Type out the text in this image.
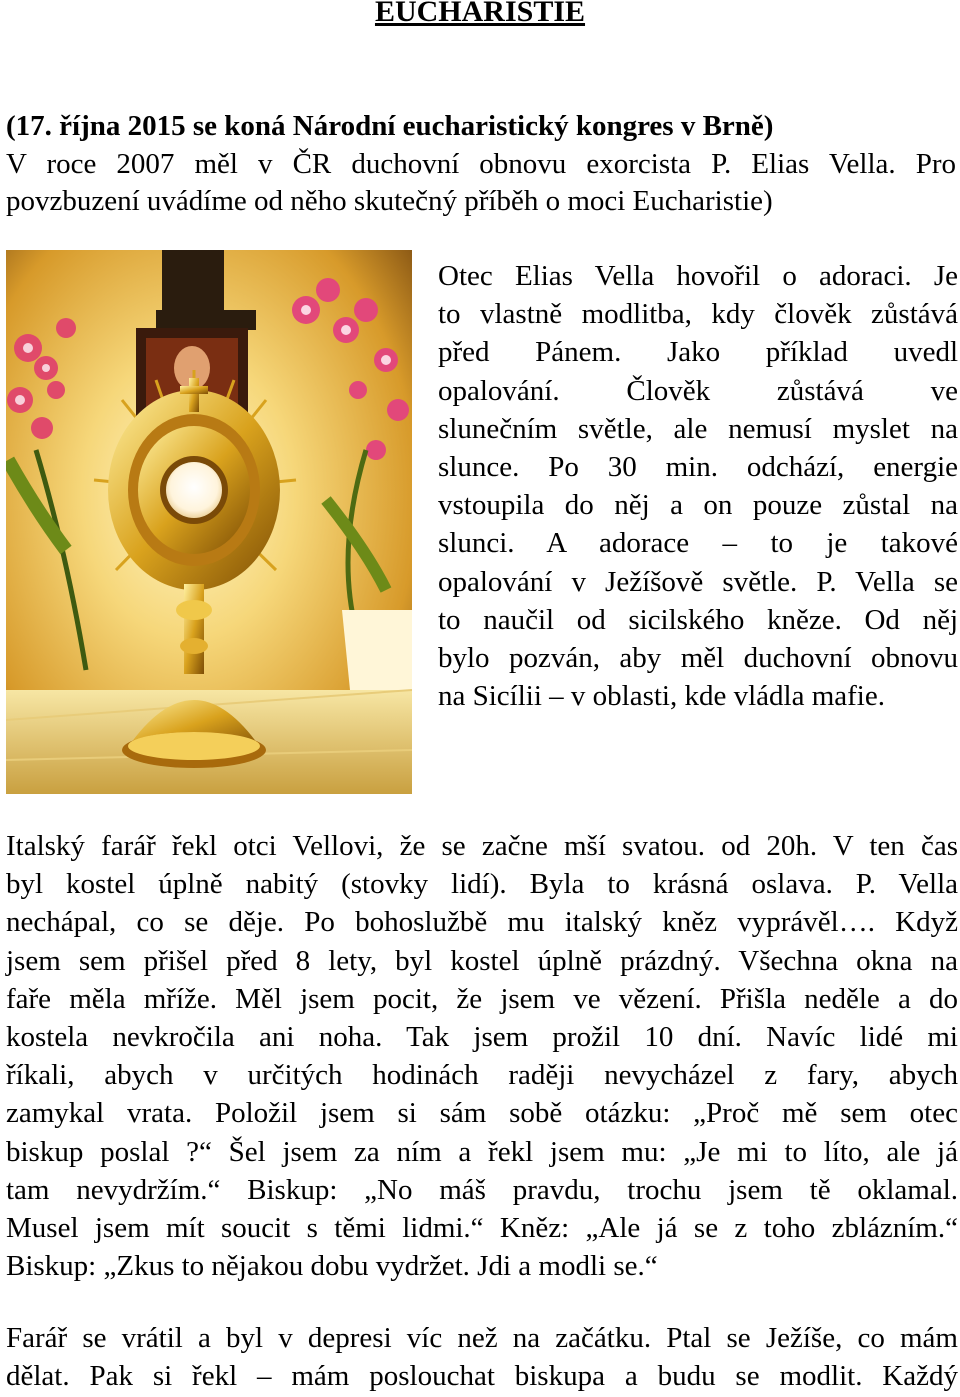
EUCHARISTIE
(17. října 2015 se koná Národní eucharistický kongres v Brně)
V roce 2007 měl v ČR duchovní obnovu exorcista P. Elias Vella. Pro
povzbuzení uvádíme od něho skutečný příběh o moci Eucharistie)
Otec Elias Vella hovořil o adoraci. Je
to vlastně modlitba, kdy člověk zůstává
před Pánem. Jako příklad uvedl
opalování. Člověk zůstává ve
slunečním světle, ale nemusí myslet na
slunce. Po 30 min. odchází, energie
vstoupila do něj a on pouze zůstal na
slunci. A adorace – to je takové
opalování v Ježíšově světle. P. Vella se
to naučil od sicilského kněze. Od něj
bylo pozván, aby měl duchovní obnovu
na Sicílii – v oblasti, kde vládla mafie.
Italský farář řekl otci Vellovi, že se začne mší svatou. od 20h. V ten čas
byl kostel úplně nabitý (stovky lidí). Byla to krásná oslava. P. Vella
nechápal, co se děje. Po bohoslužbě mu italský kněz vyprávěl…. Když
jsem sem přišel před 8 lety, byl kostel úplně prázdný. Všechna okna na
faře měla mříže. Měl jsem pocit, že jsem ve vězení. Přišla neděle a do
kostela nevkročila ani noha. Tak jsem prožil 10 dní. Navíc lidé mi
říkali, abych v určitých hodinách raději nevycházel z fary, abych
zamykal vrata. Položil jsem si sám sobě otázku: „Proč mě sem otec
biskup poslal ?“ Šel jsem za ním a řekl jsem mu: „Je mi to líto, ale já
tam nevydržím.“ Biskup: „No máš pravdu, trochu jsem tě oklamal.
Musel jsem mít soucit s těmi lidmi.“ Kněz: „Ale já se z toho zblázním.“
Biskup: „Zkus to nějakou dobu vydržet. Jdi a modli se.“
Farář se vrátil a byl v depresi víc než na začátku. Ptal se Ježíše, co mám
dělat. Pak si řekl – mám poslouchat biskupa a budu se modlit. Každý
